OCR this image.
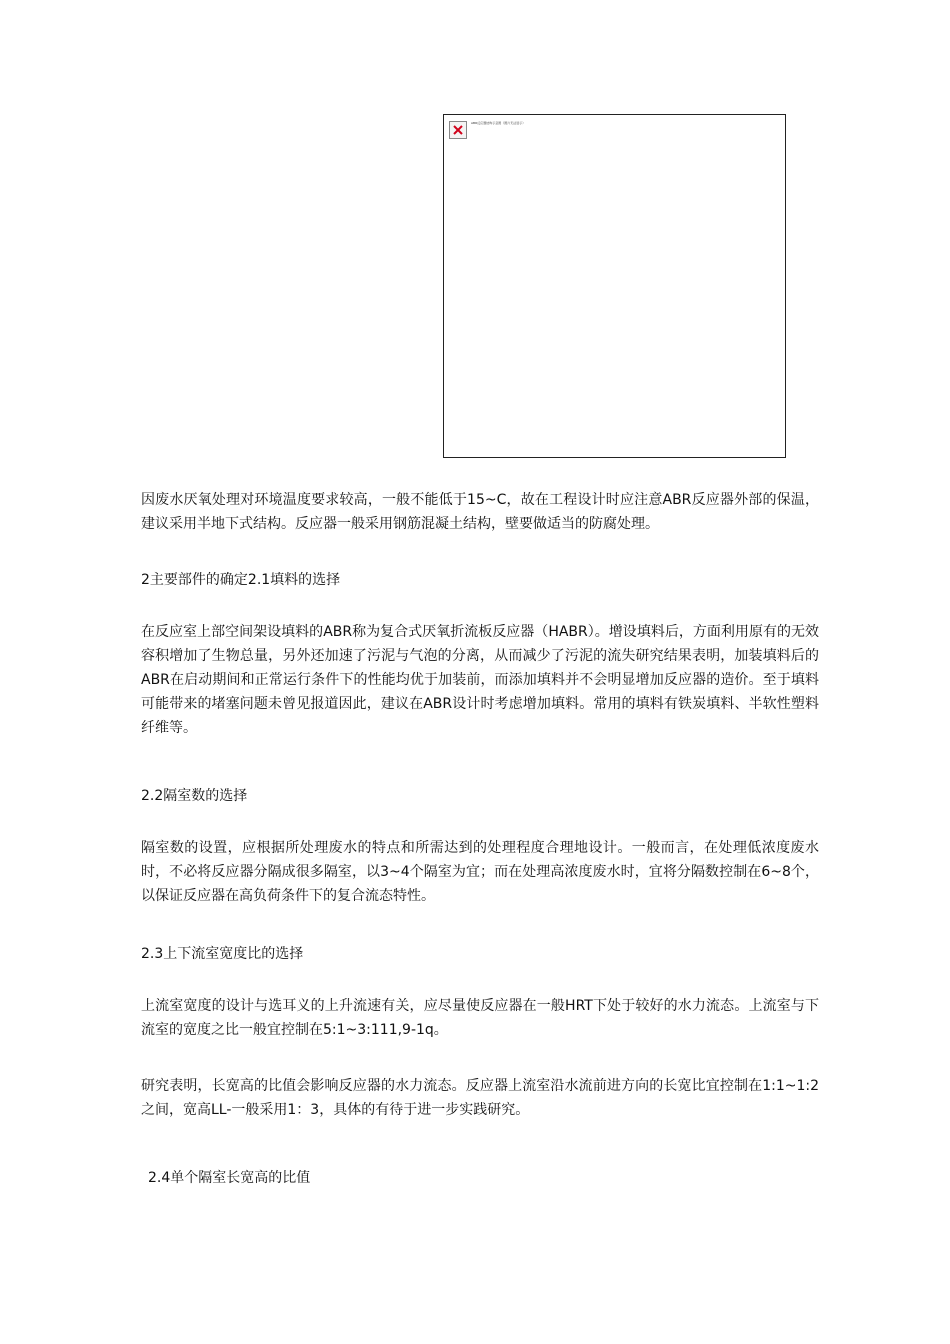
ABR反应器结构示意图（图片无法显示）

因废水厌氧处理对环境温度要求较高，一般不能低于15~C，故在工程设计时应注意ABR反应器外部的保温，建议采用半地下式结构。反应器一般采用钢筋混凝土结构，壁要做适当的防腐处理。

2主要部件的确定2.1填料的选择

在反应室上部空间架设填料的ABR称为复合式厌氧折流板反应器（HABR）。增设填料后，方面利用原有的无效容积增加了生物总量，另外还加速了污泥与气泡的分离，从而减少了污泥的流失研究结果表明，加装填料后的ABR在启动期间和正常运行条件下的性能均优于加装前，而添加填料并不会明显增加反应器的造价。至于填料可能带来的堵塞问题未曾见报道因此，建议在ABR设计时考虑增加填料。常用的填料有铁炭填料、半软性塑料纤维等。

2.2隔室数的选择

隔室数的设置，应根据所处理废水的特点和所需达到的处理程度合理地设计。一般而言，在处理低浓度废水时，不必将反应器分隔成很多隔室，以3~4个隔室为宜；而在处理高浓度废水时，宜将分隔数控制在6~8个，以保证反应器在高负荷条件下的复合流态特性。

2.3上下流室宽度比的选择

上流室宽度的设计与选耳义的上升流速有关，应尽量使反应器在一般HRT下处于较好的水力流态。上流室与下流室的宽度之比一般宜控制在5:1~3:111,9-1q。

研究表明，长宽高的比值会影响反应器的水力流态。反应器上流室沿水流前进方向的长宽比宜控制在1:1~1:2之间，宽高LL-一般采用1：3，具体的有待于进一步实践研究。

2.4单个隔室长宽高的比值
